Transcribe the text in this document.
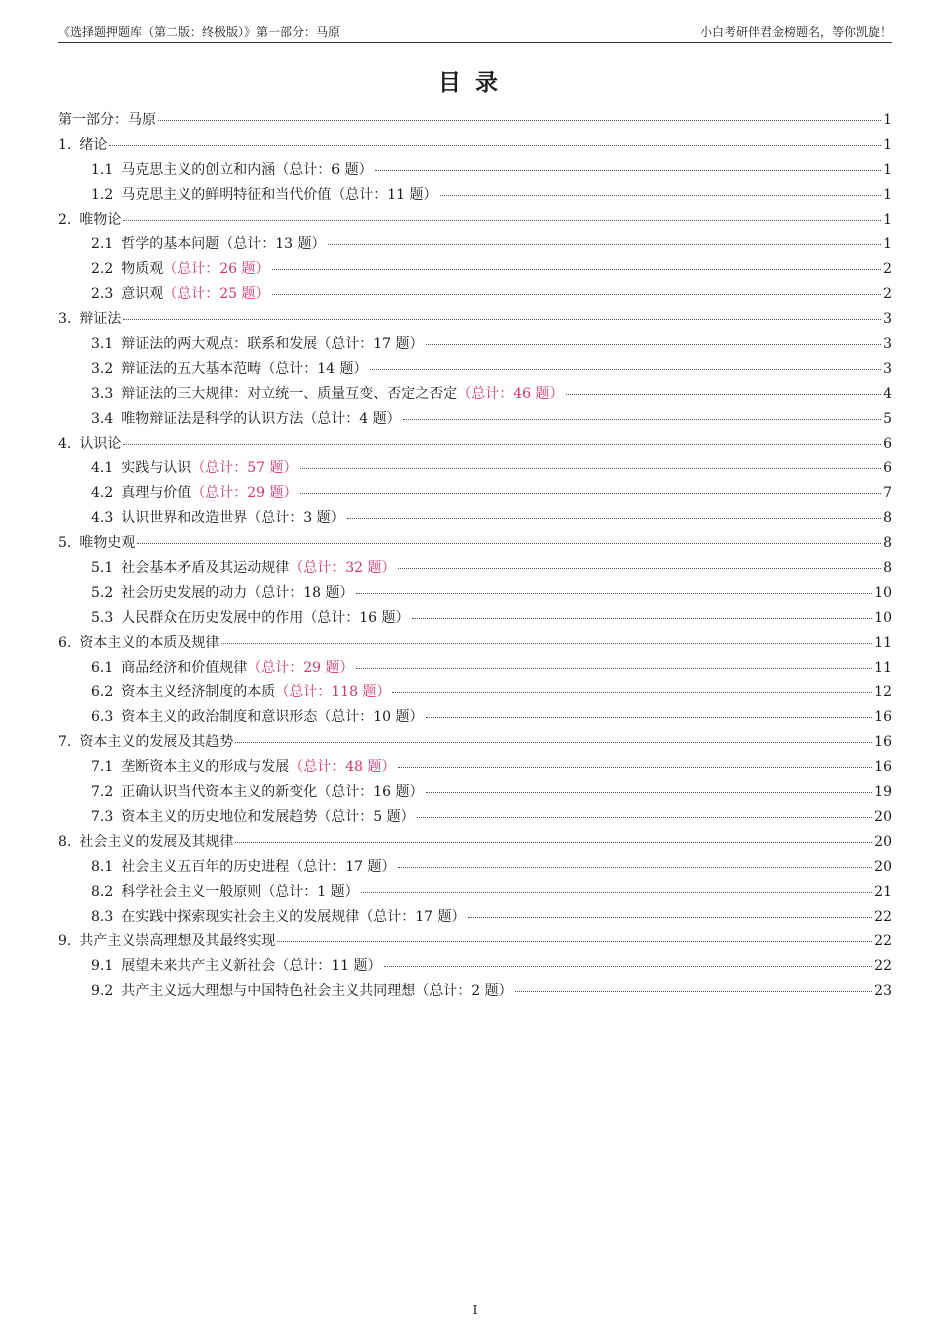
《选择题押题库（第二版：终极版）》第一部分：马原	小白考研伴君金榜题名，等你凯旋！
目录
第一部分：马原	1
1. 绪论	1
1.1 马克思主义的创立和内涵 （总计：6 题）	1
1.2 马克思主义的鲜明特征和当代价值 （总计：11 题）	1
2. 唯物论	1
2.1 哲学的基本问题 （总计：13 题）	1
2.2 物质观 （总计：26 题）	2
2.3 意识观 （总计：25 题）	2
3. 辩证法	3
3.1 辩证法的两大观点：联系和发展 （总计：17 题）	3
3.2 辩证法的五大基本范畴 （总计：14 题）	3
3.3 辩证法的三大规律：对立统一、质量互变、否定之否定 （总计：46 题）	4
3.4 唯物辩证法是科学的认识方法 （总计：4 题）	5
4. 认识论	6
4.1 实践与认识 （总计：57 题）	6
4.2 真理与价值 （总计：29 题）	7
4.3 认识世界和改造世界 （总计：3 题）	8
5. 唯物史观	8
5.1 社会基本矛盾及其运动规律 （总计：32 题）	8
5.2 社会历史发展的动力 （总计：18 题）	10
5.3 人民群众在历史发展中的作用 （总计：16 题）	10
6. 资本主义的本质及规律	11
6.1 商品经济和价值规律 （总计：29 题）	11
6.2 资本主义经济制度的本质 （总计：118 题）	12
6.3 资本主义的政治制度和意识形态 （总计：10 题）	16
7. 资本主义的发展及其趋势	16
7.1 垄断资本主义的形成与发展 （总计：48 题）	16
7.2 正确认识当代资本主义的新变化 （总计：16 题）	19
7.3 资本主义的历史地位和发展趋势 （总计：5 题）	20
8. 社会主义的发展及其规律	20
8.1 社会主义五百年的历史进程 （总计：17 题）	20
8.2 科学社会主义一般原则 （总计：1 题）	21
8.3 在实践中探索现实社会主义的发展规律 （总计：17 题）	22
9. 共产主义崇高理想及其最终实现	22
9.1 展望未来共产主义新社会 （总计：11 题）	22
9.2 共产主义远大理想与中国特色社会主义共同理想 （总计：2 题）	23
I
